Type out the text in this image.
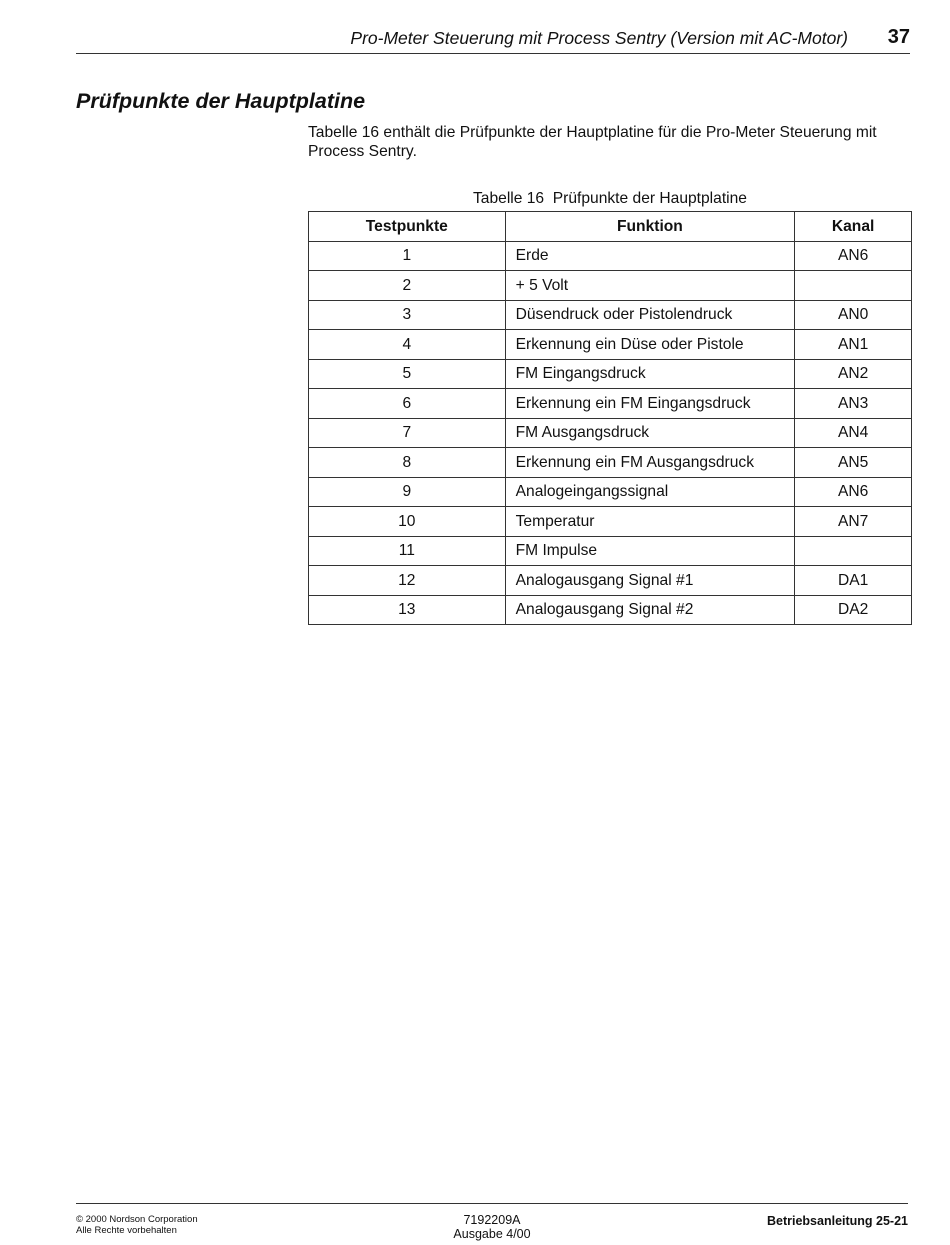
Pro-Meter Steuerung mit Process Sentry (Version mit AC-Motor) 37
Prüfpunkte der Hauptplatine
Tabelle 16 enthält die Prüfpunkte der Hauptplatine für die Pro-Meter Steuerung mit Process Sentry.
Tabelle 16  Prüfpunkte der Hauptplatine
Testpunkte	Funktion	Kanal
1	Erde	AN6
2	+ 5 Volt	
3	Düsendruck oder Pistolendruck	AN0
4	Erkennung ein Düse oder Pistole	AN1
5	FM Eingangsdruck	AN2
6	Erkennung ein FM Eingangsdruck	AN3
7	FM Ausgangsdruck	AN4
8	Erkennung ein FM Ausgangsdruck	AN5
9	Analogeingangssignal	AN6
10	Temperatur	AN7
11	FM Impulse	
12	Analogausgang Signal #1	DA1
13	Analogausgang Signal #2	DA2
© 2000 Nordson Corporation
Alle Rechte vorbehalten
7192209A
Ausgabe 4/00
Betriebsanleitung 25-21
